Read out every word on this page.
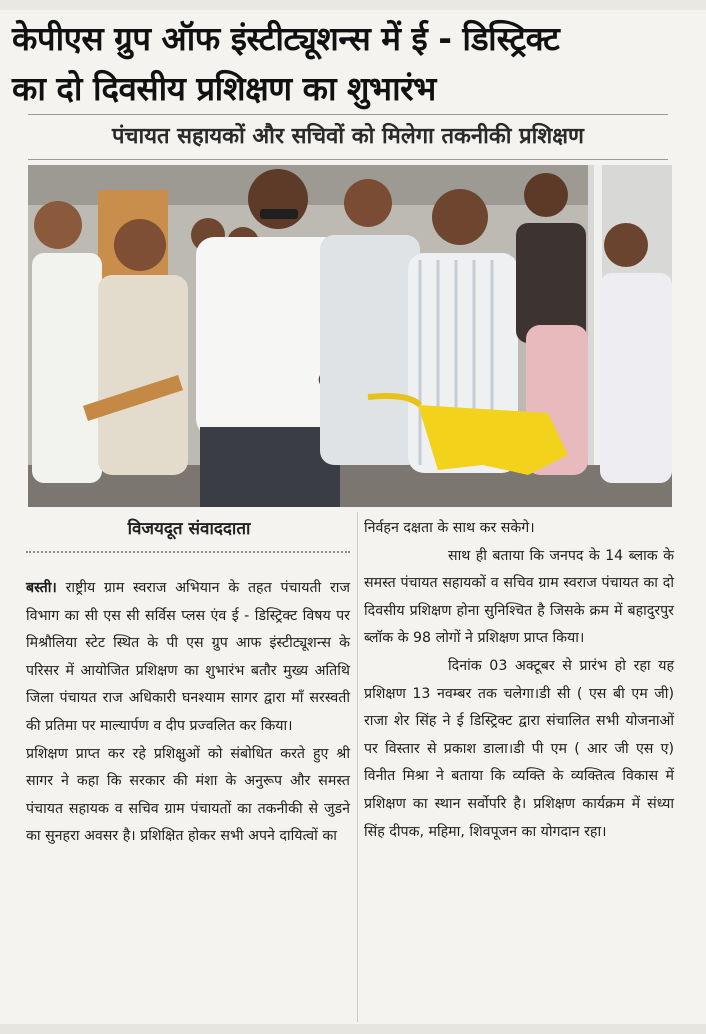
केपीएस ग्रुप ऑफ इंस्टीट्यूशन्स में ई - डिस्ट्रिक्ट
का दो दिवसीय प्रशिक्षण का शुभारंभ
पंचायत सहायकों और सचिवों को मिलेगा तकनीकी प्रशिक्षण
विजयदूत संवाददाता

बस्ती। राष्ट्रीय ग्राम स्वराज अभियान के तहत पंचायती राज विभाग का सी एस सी सर्विस प्लस एंव ई - डिस्ट्रिक्ट विषय पर मिश्रौलिया स्टेट स्थित के पी एस ग्रुप आफ इंस्टीट्यूशन्स के परिसर में आयोजित प्रशिक्षण का शुभारंभ बतौर मुख्य अतिथि जिला पंचायत राज अधिकारी घनश्याम सागर द्वारा माँ सरस्वती की प्रतिमा पर माल्यार्पण व दीप प्रज्वलित कर किया।

प्रशिक्षण प्राप्त कर रहे प्रशिक्षुओं को संबोधित करते हुए श्री सागर ने कहा कि सरकार की मंशा के अनुरूप और समस्त पंचायत सहायक व सचिव ग्राम पंचायतों का तकनीकी से जुडने का सुनहरा अवसर है। प्रशिक्षित होकर सभी अपने दायित्वों का

निर्वहन दक्षता के साथ कर सकेगे।

साथ ही बताया कि जनपद के 14 ब्लाक के समस्त पंचायत सहायकों व सचिव ग्राम स्वराज पंचायत का दो दिवसीय प्रशिक्षण होना सुनिश्चित है जिसके क्रम में बहादुरपुर ब्लॉक के 98 लोगों ने प्रशिक्षण प्राप्त किया।

दिनांक 03 अक्टूबर से प्रारंभ हो रहा यह प्रशिक्षण 13 नवम्बर तक चलेगा।डी सी ( एस बी एम जी) राजा शेर सिंह ने ई डिस्ट्रिक्ट द्वारा संचालित सभी योजनाओं पर विस्तार से प्रकाश डाला।डी पी एम ( आर जी एस ए) विनीत मिश्रा ने बताया कि व्यक्ति के व्यक्तित्व विकास में प्रशिक्षण का स्थान सर्वोपरि है। प्रशिक्षण कार्यक्रम में संध्या सिंह दीपक, महिमा, शिवपूजन का योगदान रहा।
